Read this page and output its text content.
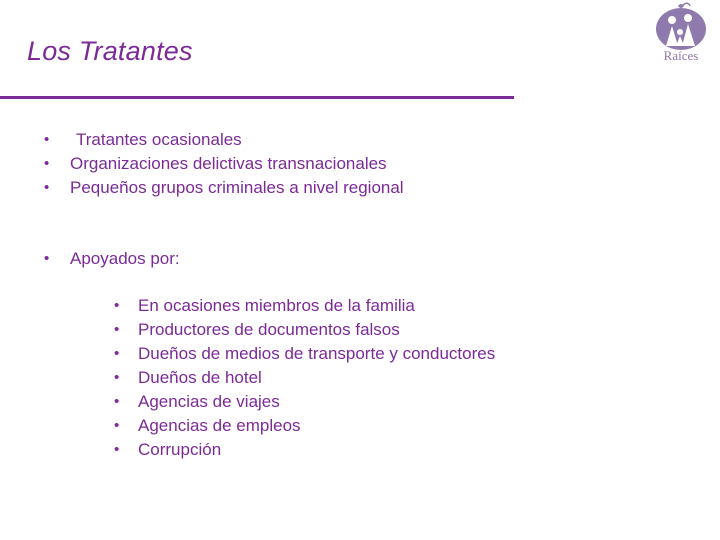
Los Tratantes	Raíces
• Tratantes ocasionales
• Organizaciones delictivas transnacionales
• Pequeños grupos criminales a nivel regional
• Apoyados por:
• En ocasiones miembros de la familia
• Productores de documentos falsos
• Dueños de medios de transporte y conductores
• Dueños de hotel
• Agencias de viajes
• Agencias de empleos
• Corrupción
